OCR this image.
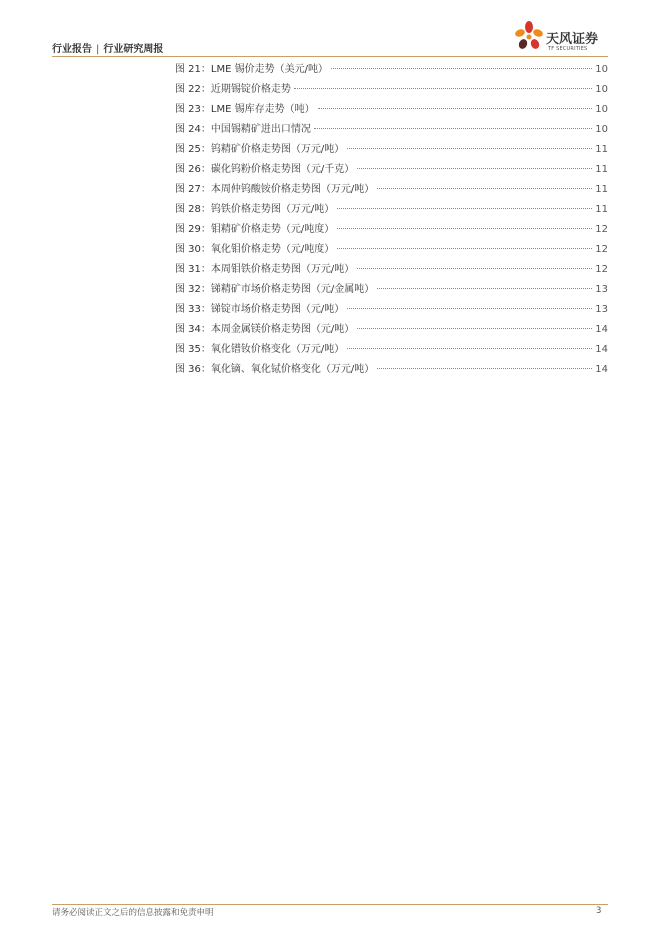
行业报告 | 行业研究周报
天风证券
TF SECURITIES
图 21：LME 锡价走势（美元/吨）	10
图 22：近期锡锭价格走势	10
图 23：LME 锡库存走势（吨）	10
图 24：中国锡精矿进出口情况	10
图 25：钨精矿价格走势图（万元/吨）	11
图 26：碳化钨粉价格走势图（元/千克）	11
图 27：本周仲钨酸铵价格走势图（万元/吨）	11
图 28：钨铁价格走势图（万元/吨）	11
图 29：钼精矿价格走势（元/吨度）	12
图 30：氧化钼价格走势（元/吨度）	12
图 31：本周钼铁价格走势图（万元/吨）	12
图 32：锑精矿市场价格走势图（元/金属吨）	13
图 33：锑锭市场价格走势图（元/吨）	13
图 34：本周金属镁价格走势图（元/吨）	14
图 35：氧化镨钕价格变化（万元/吨）	14
图 36：氧化镝、氧化铽价格变化（万元/吨）	14
请务必阅读正文之后的信息披露和免责申明	3
